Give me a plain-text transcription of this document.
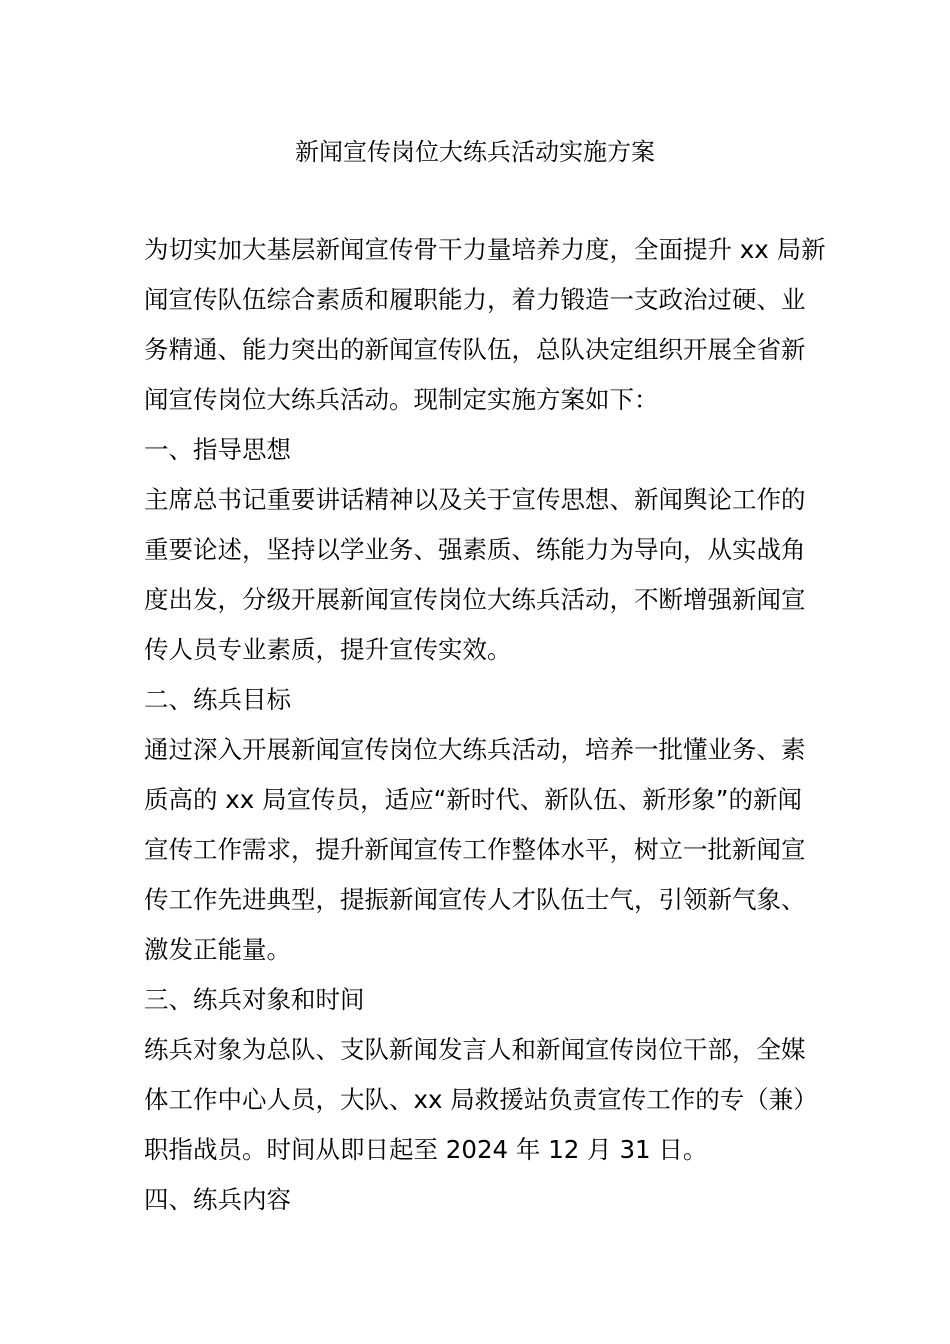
新闻宣传岗位大练兵活动实施方案

为切实加大基层新闻宣传骨干力量培养力度，全面提升 xx 局新

闻宣传队伍综合素质和履职能力，着力锻造一支政治过硬、业

务精通、能力突出的新闻宣传队伍，总队决定组织开展全省新

闻宣传岗位大练兵活动。现制定实施方案如下：

一、指导思想

主席总书记重要讲话精神以及关于宣传思想、新闻舆论工作的

重要论述，坚持以学业务、强素质、练能力为导向，从实战角

度出发，分级开展新闻宣传岗位大练兵活动，不断增强新闻宣

传人员专业素质，提升宣传实效。

二、练兵目标

通过深入开展新闻宣传岗位大练兵活动，培养一批懂业务、素

质高的 xx 局宣传员，适应“新时代、新队伍、新形象”的新闻

宣传工作需求，提升新闻宣传工作整体水平，树立一批新闻宣

传工作先进典型，提振新闻宣传人才队伍士气，引领新气象、

激发正能量。

三、练兵对象和时间

练兵对象为总队、支队新闻发言人和新闻宣传岗位干部，全媒

体工作中心人员，大队、xx 局救援站负责宣传工作的专（兼）

职指战员。时间从即日起至 2024 年 12 月 31 日。

四、练兵内容
